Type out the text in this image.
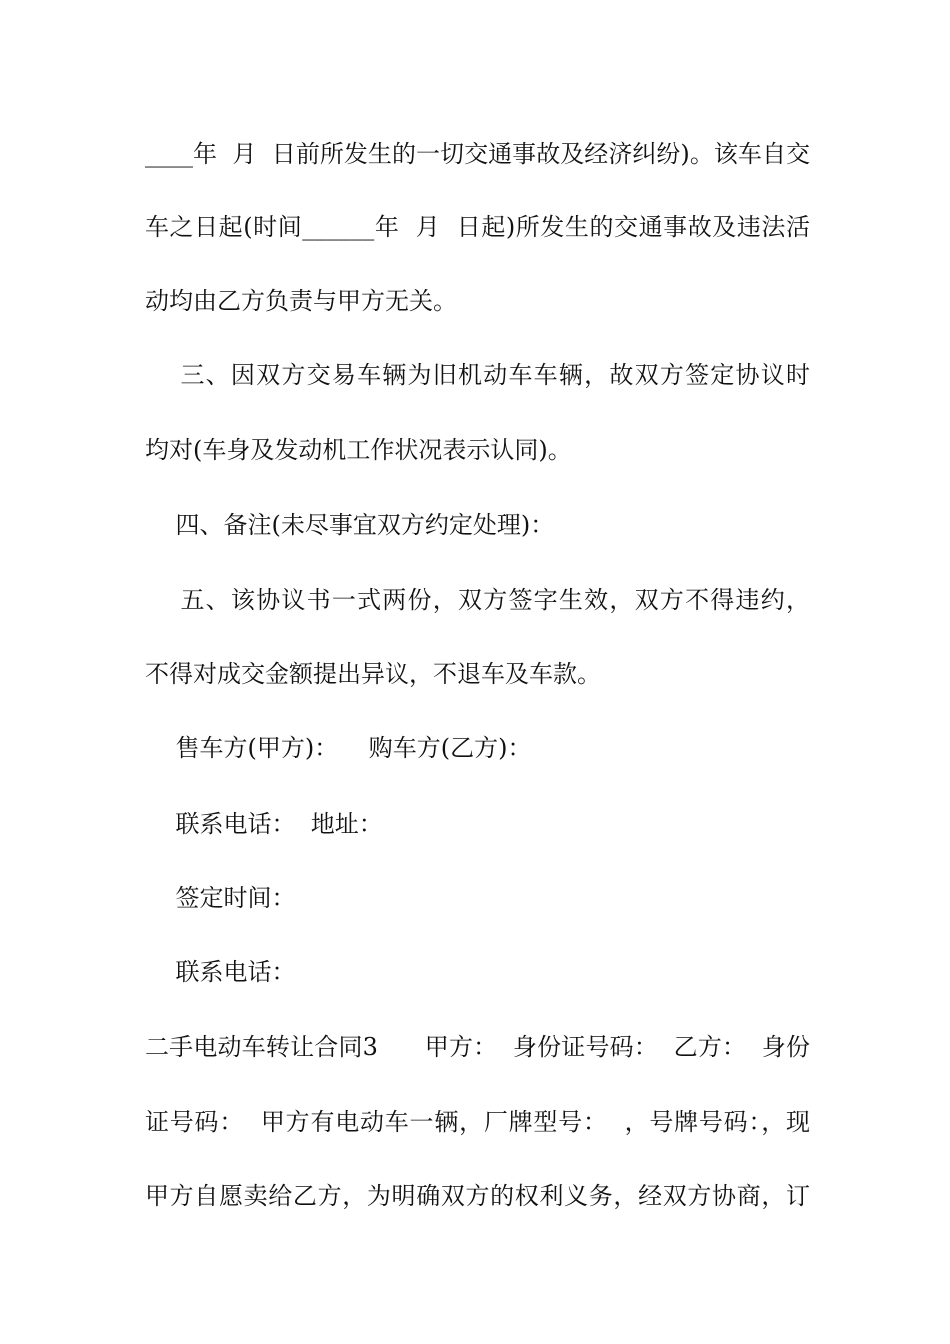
____年  月  日前所发生的一切交通事故及经济纠纷)。该车自交
车之日起(时间______年  月  日起)所发生的交通事故及违法活
动均由乙方负责与甲方无关。
三、因双方交易车辆为旧机动车车辆，故双方签定协议时
均对(车身及发动机工作状况表示认同)。
四、备注(未尽事宜双方约定处理)：
五、该协议书一式两份，双方签字生效，双方不得违约，
不得对成交金额提出异议，不退车及车款。
售车方(甲方)：    购车方(乙方)：
联系电话：  地址：
签定时间：
联系电话：
二手电动车转让合同3      甲方：  身份证号码：  乙方：  身份
证号码：  甲方有电动车一辆，厂牌型号：  ，号牌号码：，现
甲方自愿卖给乙方，为明确双方的权利义务，经双方协商，订
